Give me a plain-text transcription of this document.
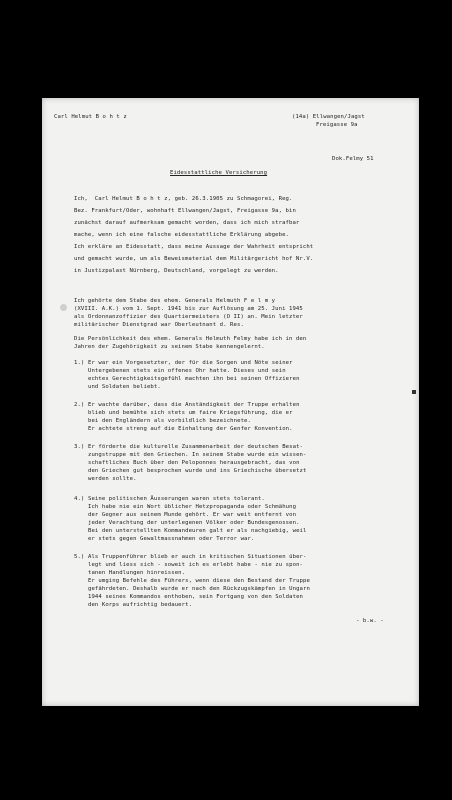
Carl Helmut B o h t z	(14a) Ellwangen/Jagst
Freigasse 9a
Dok.Felmy 51
Eidesstattliche Versicherung
Ich,  Carl Helmut B o h t z, geb. 26.3.1905 zu Schmagorei, Reg.
Bez. Frankfurt/Oder, wohnhaft Ellwangen/Jagst, Freigasse 9a, bin
zunächst darauf aufmerksam gemacht worden, dass ich mich strafbar
mache, wenn ich eine falsche eidesstattliche Erklärung abgebe.
Ich erkläre an Eidesstatt, dass meine Aussage der Wahrheit entspricht
und gemacht wurde, um als Beweismaterial dem Militärgericht hof Nr.V.
in Justizpalast Nürnberg, Deutschland, vorgelegt zu werden.
Ich gehörte dem Stabe des ehem. Generals Helmuth F e l m y
(XVIII. A.K.) vom 1. Sept. 1941 bis zur Auflösung am 25. Juni 1945
als Ordonnanzoffizier des Quartiermeisters (O II) an. Mein letzter
militärischer Dienstgrad war Oberleutnant d. Res.
Die Persönlichkeit des ehem. Generals Helmuth Felmy habe ich in den
Jahren der Zugehörigkeit zu seinem Stabe kennengelernt.
1.) Er war ein Vorgesetzter, der für die Sorgen und Nöte seiner
Untergebenen stets ein offenes Ohr hatte. Dieses und sein
echtes Gerechtigkeitsgefühl machten ihn bei seinen Offizieren
und Soldaten beliebt.
2.) Er wachte darüber, dass die Anständigkeit der Truppe erhalten
blieb und bemühte sich stets um faire Kriegsführung, die er
bei den Engländern als vorbildlich bezeichnete.
Er achtete streng auf die Einhaltung der Genfer Konvention.
3.) Er förderte die kulturelle Zusammenarbeit der deutschen Besat-
zungstruppe mit den Griechen. In seinem Stabe wurde ein wissen-
schaftliches Buch über den Peloponnes herausgebracht, das von
den Griechen gut besprochen wurde und ins Griechische übersetzt
werden sollte.
4.) Seine politischen Äusserungen waren stets tolerant.
Ich habe nie ein Wort üblicher Hetzpropaganda oder Schmähung
der Gegner aus seinem Munde gehört. Er war weit entfernt von
jeder Verachtung der unterlegenen Völker oder Bundesgenossen.
Bei den unterstellten Kommandeuren galt er als nachgiebig, weil
er stets gegen Gewaltmassnahmen oder Terror war.
5.) Als Truppenführer blieb er auch in kritischen Situationen über-
legt und liess sich - soweit ich es erlebt habe - nie zu spon-
tanen Handlungen hinreissen.
Er umging Befehle des Führers, wenn diese den Bestand der Truppe
gefährdeten. Deshalb wurde er nach den Rückzugskämpfen in Ungarn
1944 seines Kommandos enthoben, sein Fortgang von den Soldaten
den Korps aufrichtig bedauert.
- b.w. -
